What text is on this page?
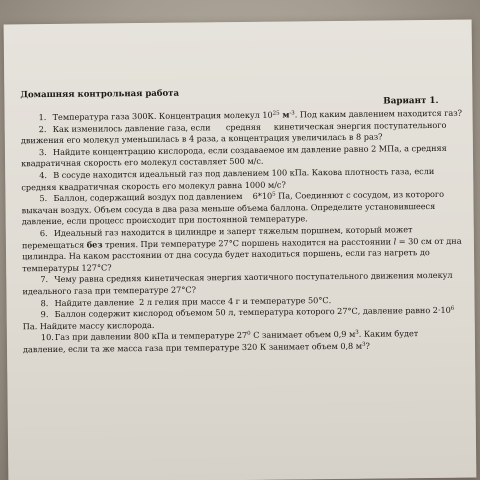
Домашняя контрольная работа
Вариант 1.
1. Температура газа 300К. Концентрация молекул $10^{25}$ $м^{-3}$. Под каким давлением находится газ?
2. Как изменилось давление газа, если      средняя     кинетическая энергия поступательного
движения его молекул уменьшилась в 4 раза, а концентрация увеличилась в 8 раз?
3. Найдите концентрацию кислорода, если создаваемое им давление равно 2 МПа, а средняя
квадратичная скорость его молекул составляет 500 м/с.
4. В сосуде находится идеальный газ под давлением 100 кПа. Какова плотность газа, если
средняя квадратичная скорость его молекул равна 1000 м/с?
5. Баллон, содержащий воздух под давлением    $6*10^5$ Па, Соединяют с сосудом, из которого
выкачан воздух. Объем сосуда в два раза меньше объема баллона. Определите установившееся
давление, если процесс происходит при постоянной температуре.
6. Идеальный газ находится в цилиндре и заперт тяжелым поршнем, который может
перемещаться без трения. При температуре 27°С поршень находится на расстоянии l = 30 см от дна
цилиндра. На каком расстоянии от дна сосуда будет находиться поршень, если газ нагреть до
температуры 127°С?
7. Чему равна средняя кинетическая энергия хаотичного поступательного движения молекул
идеального газа при температуре 27°С?
8. Найдите давление  2 л гелия при массе 4 г и температуре 50°С.
9. Баллон содержит кислород объемом 50 л, температура которого 27°С, давление равно $2\cdot 10^6$
Па. Найдите массу кислорода.
10.Газ при давлении 800 кПа и температуре $27^0$ С занимает объем 0,9 $м^3$. Каким будет
давление, если та же масса газа при температуре 320 К занимает объем 0,8 $м^3$?
